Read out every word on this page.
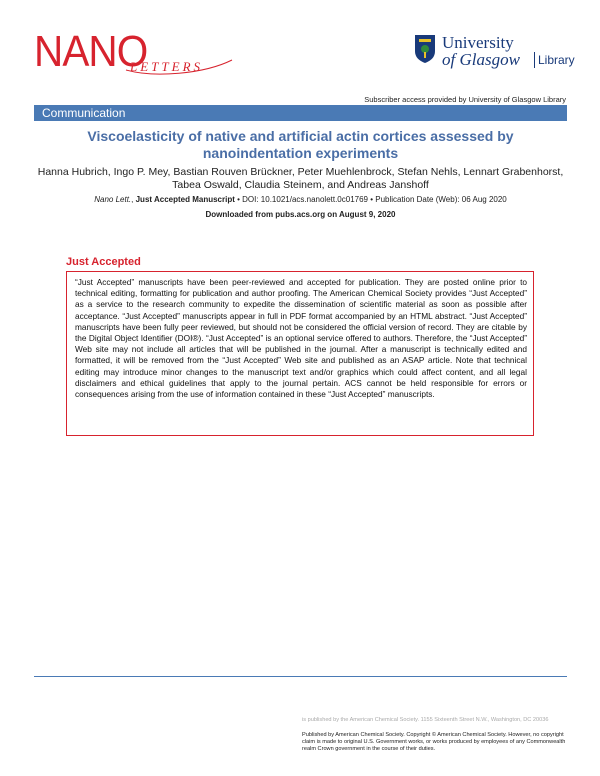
NANO
LETTERS
University
of Glasgow Library
Subscriber access provided by University of Glasgow Library
Communication
Viscoelasticity of native and artificial actin cortices assessed by nanoindentation experiments
Hanna Hubrich, Ingo P. Mey, Bastian Rouven Brückner, Peter Muehlenbrock, Stefan Nehls, Lennart Grabenhorst, Tabea Oswald, Claudia Steinem, and Andreas Janshoff
Nano Lett., Just Accepted Manuscript • DOI: 10.1021/acs.nanolett.0c01769 • Publication Date (Web): 06 Aug 2020
Downloaded from pubs.acs.org on August 9, 2020
Just Accepted

“Just Accepted” manuscripts have been peer-reviewed and accepted for publication. They are posted online prior to technical editing, formatting for publication and author proofing. The American Chemical Society provides “Just Accepted” as a service to the research community to expedite the dissemination of scientific material as soon as possible after acceptance. “Just Accepted” manuscripts appear in full in PDF format accompanied by an HTML abstract. “Just Accepted” manuscripts have been fully peer reviewed, but should not be considered the official version of record. They are citable by the Digital Object Identifier (DOI®). “Just Accepted” is an optional service offered to authors. Therefore, the “Just Accepted” Web site may not include all articles that will be published in the journal. After a manuscript is technically edited and formatted, it will be removed from the “Just Accepted” Web site and published as an ASAP article. Note that technical editing may introduce minor changes to the manuscript text and/or graphics which could affect content, and all legal disclaimers and ethical guidelines that apply to the journal pertain. ACS cannot be held responsible for errors or consequences arising from the use of information contained in these “Just Accepted” manuscripts.

is published by the American Chemical Society. 1155 Sixteenth Street N.W., Washington, DC 20036
Published by American Chemical Society. Copyright © American Chemical Society. However, no copyright claim is made to original U.S. Government works, or works produced by employees of any Commonwealth realm Crown government in the course of their duties.
